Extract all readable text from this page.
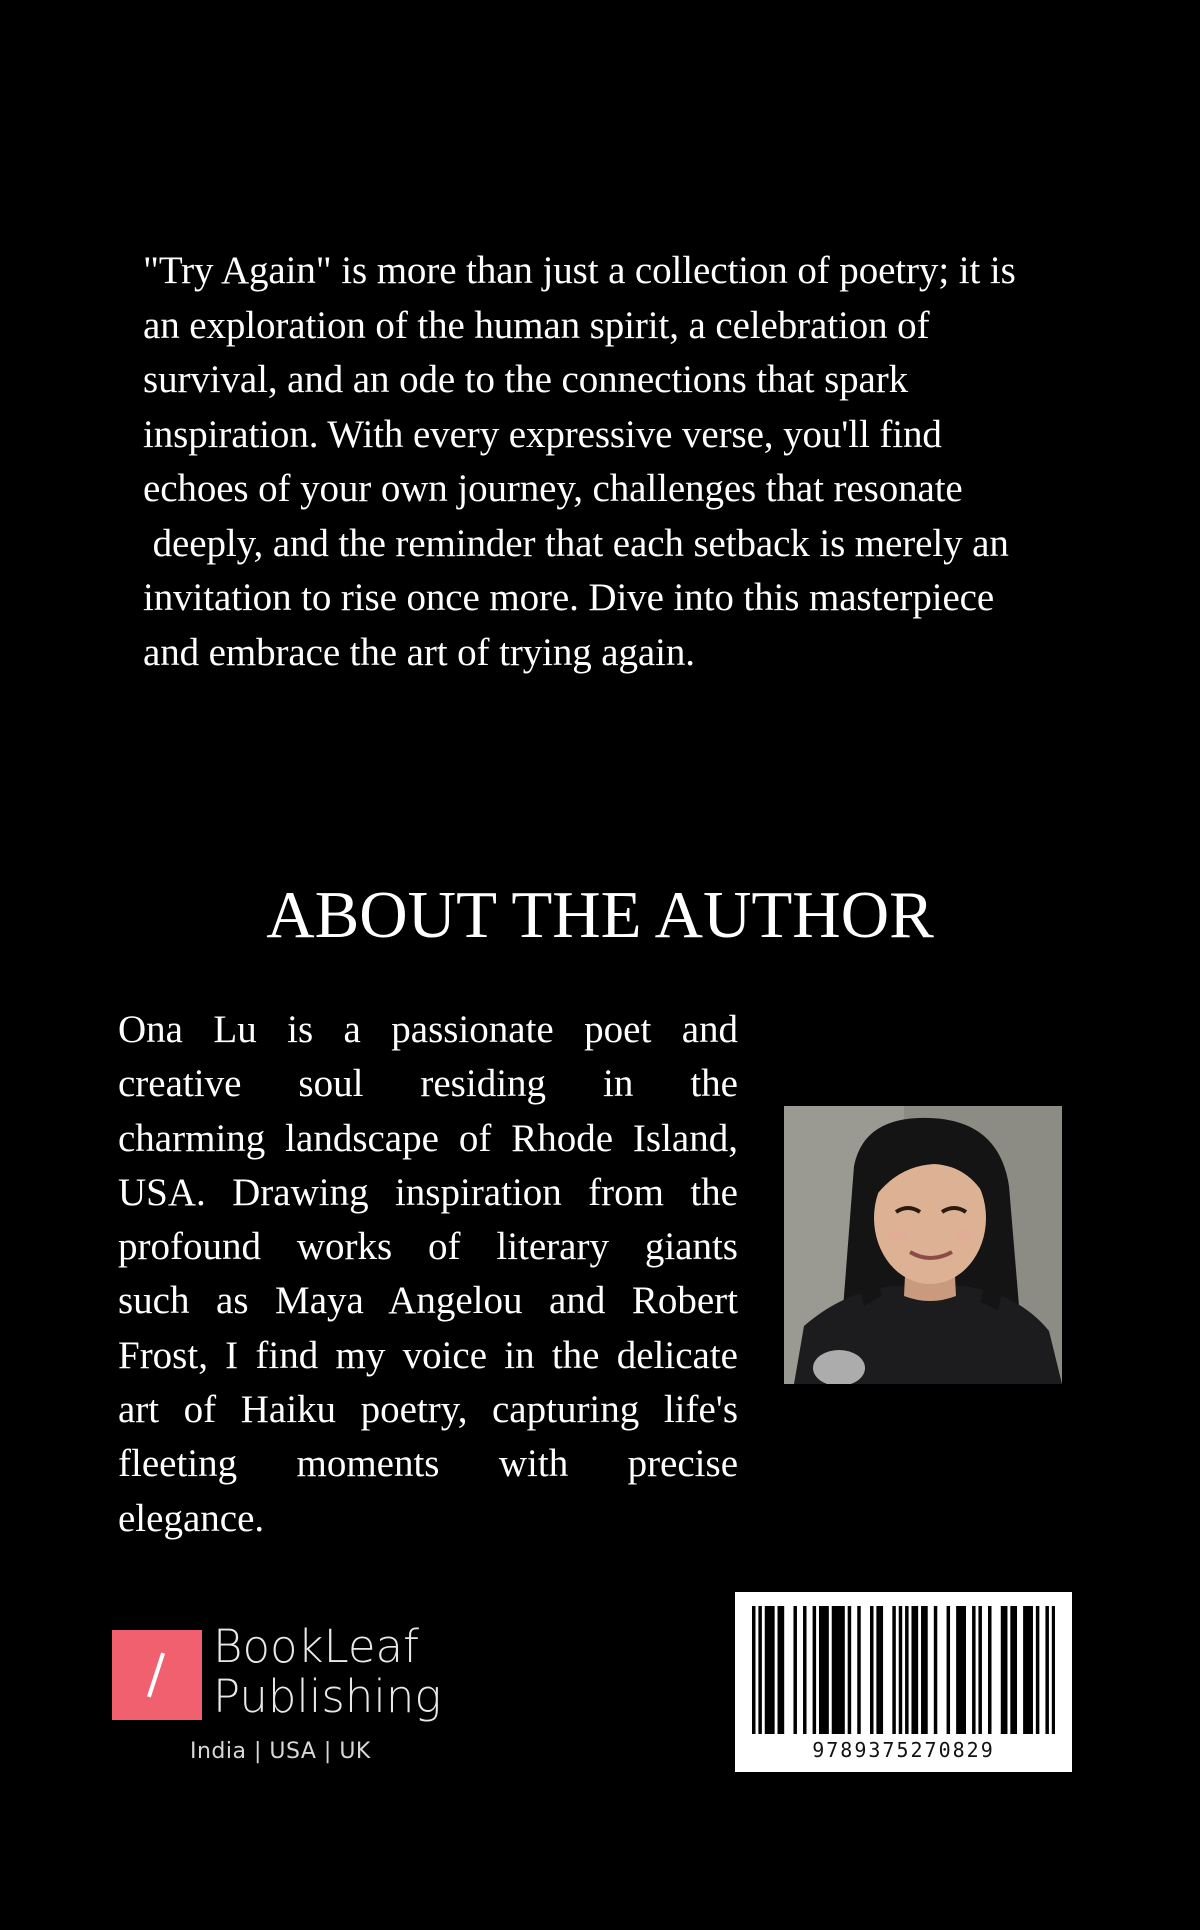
"Try Again" is more than just a collection of poetry; it is
an exploration of the human spirit, a celebration of
survival, and an ode to the connections that spark
inspiration. With every expressive verse, you'll find
echoes of your own journey, challenges that resonate
deeply, and the reminder that each setback is merely an
invitation to rise once more. Dive into this masterpiece
and embrace the art of trying again.
ABOUT THE AUTHOR
Ona Lu is a passionate poet and
creative soul residing in the
charming landscape of Rhode Island,
USA. Drawing inspiration from the
profound works of literary giants
such as Maya Angelou and Robert
Frost, I find my voice in the delicate
art of Haiku poetry, capturing life's
fleeting moments with precise
elegance.
BookLeaf
Publishing
India | USA | UK	9789375270829
